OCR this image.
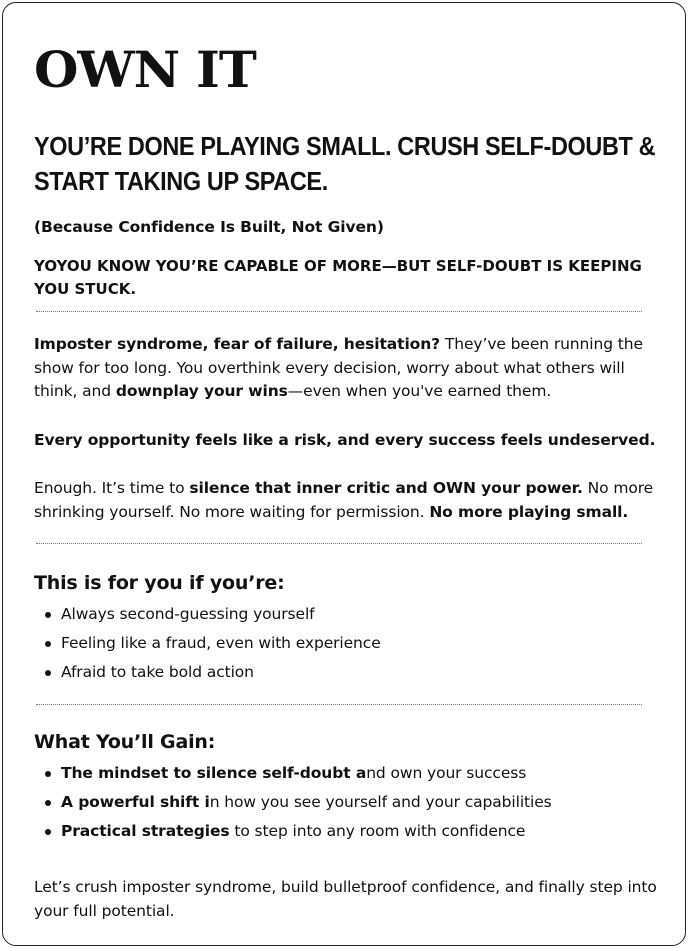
OWN IT
YOU’RE DONE PLAYING SMALL. CRUSH SELF-DOUBT & START TAKING UP SPACE.

(Because Confidence Is Built, Not Given)

YOYOU KNOW YOU’RE CAPABLE OF MORE—BUT SELF-DOUBT IS KEEPING YOU STUCK.

Imposter syndrome, fear of failure, hesitation? They’ve been running the show for too long. You overthink every decision, worry about what others will think, and downplay your wins—even when you've earned them.

Every opportunity feels like a risk, and every success feels undeserved.

Enough. It’s time to silence that inner critic and OWN your power. No more shrinking yourself. No more waiting for permission. No more playing small.

This is for you if you’re:
Always second-guessing yourself
Feeling like a fraud, even with experience
Afraid to take bold action
What You’ll Gain:
The mindset to silence self-doubt and own your success
A powerful shift in how you see yourself and your capabilities
Practical strategies to step into any room with confidence

Let’s crush imposter syndrome, build bulletproof confidence, and finally step into your full potential.
